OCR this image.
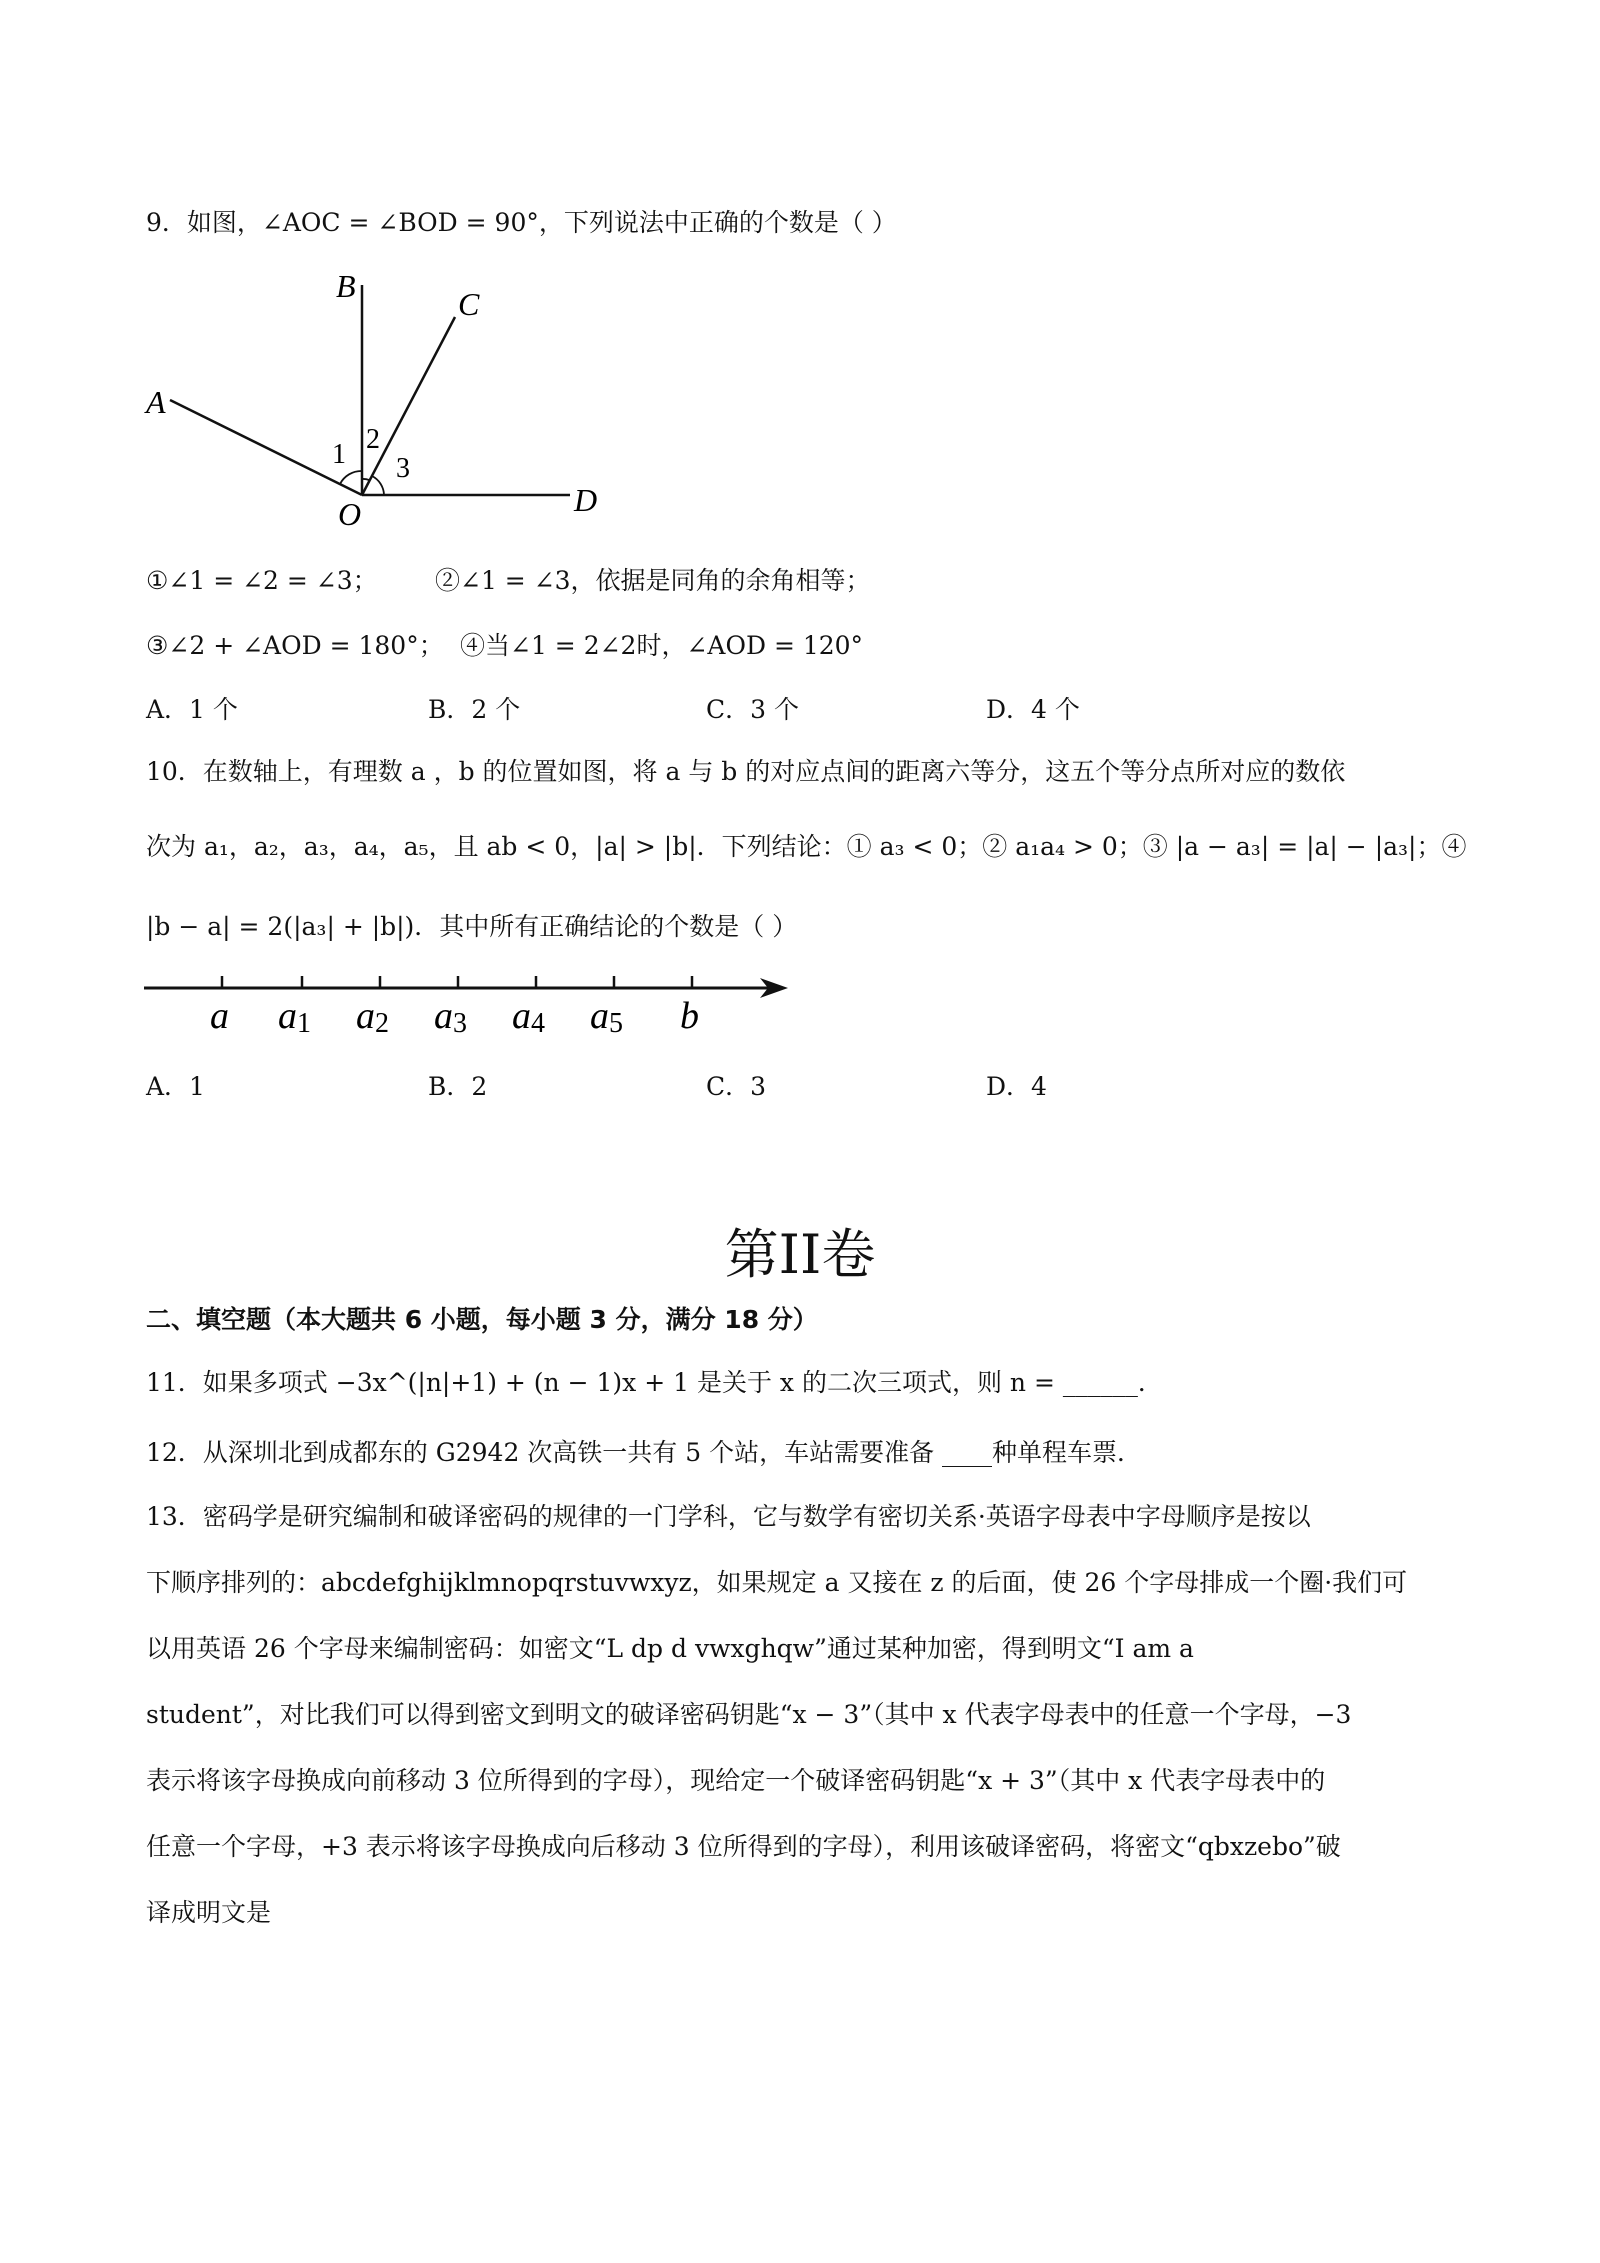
9．如图，∠AOC = ∠BOD = 90°，下列说法中正确的个数是（ ）
B	C
A
D
O
1 2
3
①∠1 = ∠2 = ∠3； ②∠1 = ∠3，依据是同角的余角相等；
③∠2 + ∠AOD = 180°； ④当∠1 = 2∠2时，∠AOD = 120°
A．1 个	B．2 个	C．3 个	D．4 个
10．在数轴上，有理数 a ，b 的位置如图，将 a 与 b 的对应点间的距离六等分，这五个等分点所对应的数依
次为 a₁，a₂，a₃，a₄，a₅，且 ab < 0，|a| > |b|．下列结论：① a₃ < 0；② a₁a₄ > 0；③ |a − a₃| = |a| − |a₃|；④
|b − a| = 2(|a₃| + |b|)．其中所有正确结论的个数是（ ）
a a1 a2 a3 a4 a5 b
A．1	B．2	C．3	D．4
第II卷
二、填空题（本大题共 6 小题，每小题 3 分，满分 18 分）
11．如果多项式 −3x^(|n|+1) + (n − 1)x + 1 是关于 x 的二次三项式，则 n = ______．
12．从深圳北到成都东的 G2942 次高铁一共有 5 个站，车站需要准备 ____种单程车票．
13．密码学是研究编制和破译密码的规律的一门学科，它与数学有密切关系·英语字母表中字母顺序是按以
下顺序排列的：abcdefghijklmnopqrstuvwxyz，如果规定 a 又接在 z 的后面，使 26 个字母排成一个圈·我们可
以用英语 26 个字母来编制密码：如密文“L dp d vwxghqw”通过某种加密，得到明文“I am a
student”，对比我们可以得到密文到明文的破译密码钥匙“x − 3”（其中 x 代表字母表中的任意一个字母，−3
表示将该字母换成向前移动 3 位所得到的字母），现给定一个破译密码钥匙“x + 3”（其中 x 代表字母表中的
任意一个字母，+3 表示将该字母换成向后移动 3 位所得到的字母），利用该破译密码，将密文“qbxzebo”破
译成明文是
